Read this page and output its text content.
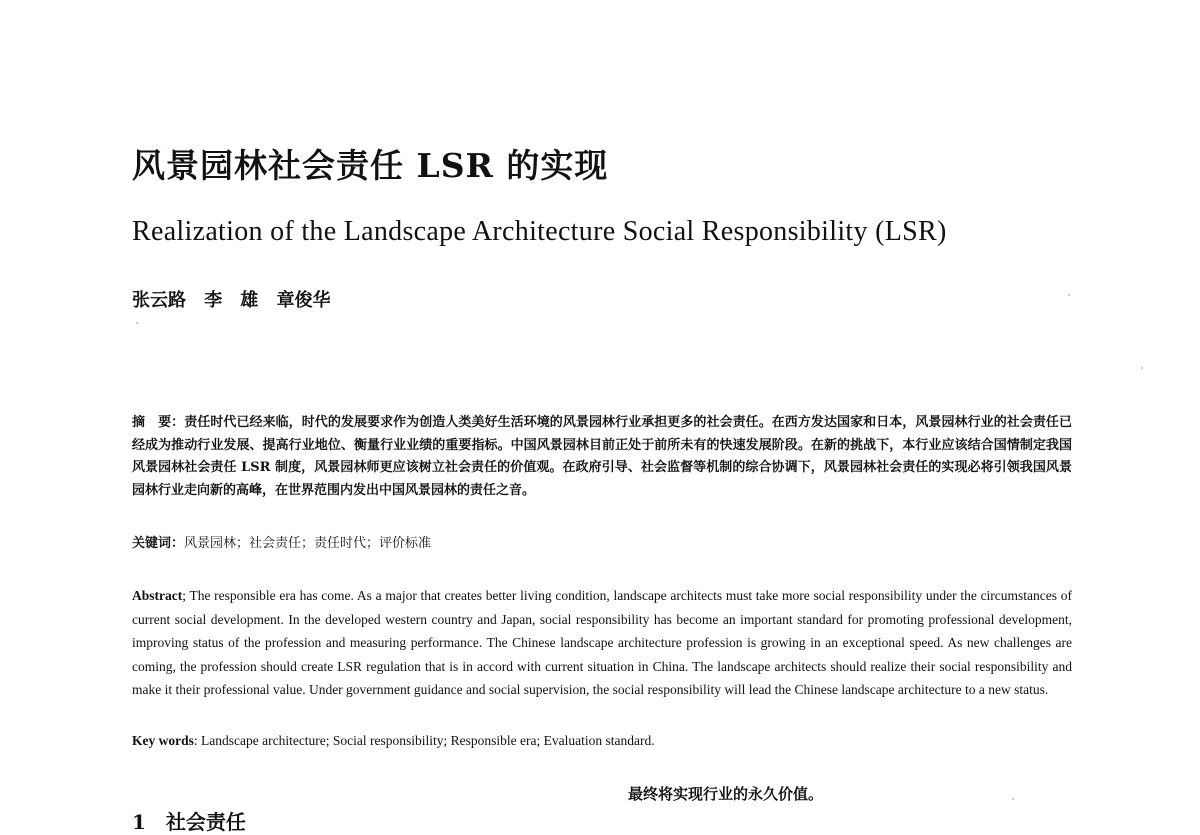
风景园林社会责任 LSR 的实现
Realization of the Landscape Architecture Social Responsibility (LSR)
张云路 李　雄 章俊华
摘　要：责任时代已经来临，时代的发展要求作为创造人类美好生活环境的风景园林行业承担更多的社会责任。在西方发达国家和日本，风景园林行业的社会责任已经成为推动行业发展、提高行业地位、衡量行业业绩的重要指标。中国风景园林目前正处于前所未有的快速发展阶段。在新的挑战下，本行业应该结合国情制定我国风景园林社会责任 LSR 制度，风景园林师更应该树立社会责任的价值观。在政府引导、社会监督等机制的综合协调下，风景园林社会责任的实现必将引领我国风景园林行业走向新的高峰，在世界范围内发出中国风景园林的责任之音。
关键词：风景园林；社会责任；责任时代；评价标准
Abstract; The responsible era has come. As a major that creates better living condition, landscape architects must take more social responsibility under the circumstances of current social development. In the developed western country and Japan, social responsibility has become an important standard for promoting professional development, improving status of the profession and measuring performance. The Chinese landscape architecture profession is growing in an exceptional speed. As new challenges are coming, the profession should create LSR regulation that is in accord with current situation in China. The landscape architects should realize their social responsibility and make it their professional value. Under government guidance and social supervision, the social responsibility will lead the Chinese landscape architecture to a new status.
Key words: Landscape architecture; Social responsibility; Responsible era; Evaluation standard.
最终将实现行业的永久价值。
1　社会责任
